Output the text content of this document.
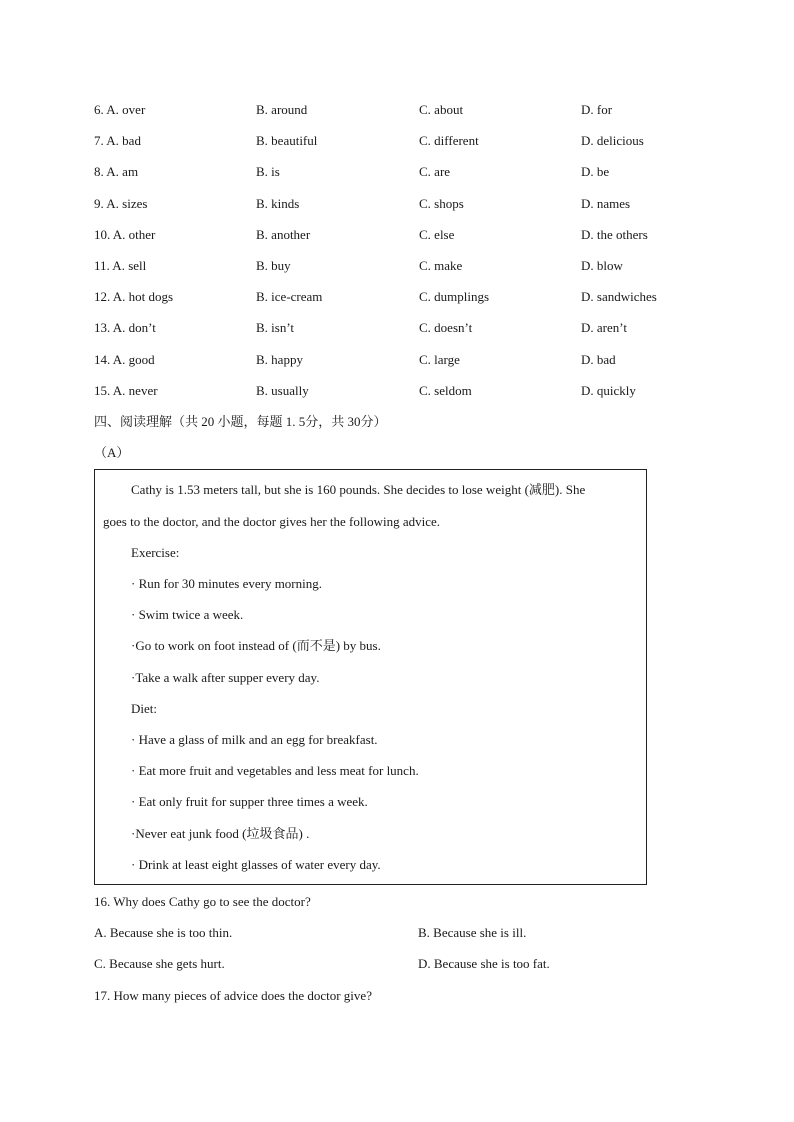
6. A. over	B. around	C. about	D. for
7. A. bad	B. beautiful	C. different	D. delicious
8. A. am	B. is	C. are	D. be
9. A. sizes	B. kinds	C. shops	D. names
10. A. other	B. another	C. else	D. the others
11. A. sell	B. buy	C. make	D. blow
12. A. hot dogs	B. ice-cream	C. dumplings	D. sandwiches
13. A. don’t	B. isn’t	C. doesn’t	D. aren’t
14. A. good	B. happy	C. large	D. bad
15. A. never	B. usually	C. seldom	D. quickly
四、阅读理解（共 20 小题，每题 1. 5分，共 30分）
（A）
Cathy is 1.53 meters tall, but she is 160 pounds. She decides to lose weight (减肥). She
goes to the doctor, and the doctor gives her the following advice.
Exercise:
· Run for 30 minutes every morning.
· Swim twice a week.
·Go to work on foot instead of (而不是) by bus.
·Take a walk after supper every day.
Diet:
· Have a glass of milk and an egg for breakfast.
· Eat more fruit and vegetables and less meat for lunch.
· Eat only fruit for supper three times a week.
·Never eat junk food (垃圾食品) .
· Drink at least eight glasses of water every day.
16. Why does Cathy go to see the doctor?
A. Because she is too thin.	B. Because she is ill.
C. Because she gets hurt.	D. Because she is too fat.
17. How many pieces of advice does the doctor give?
